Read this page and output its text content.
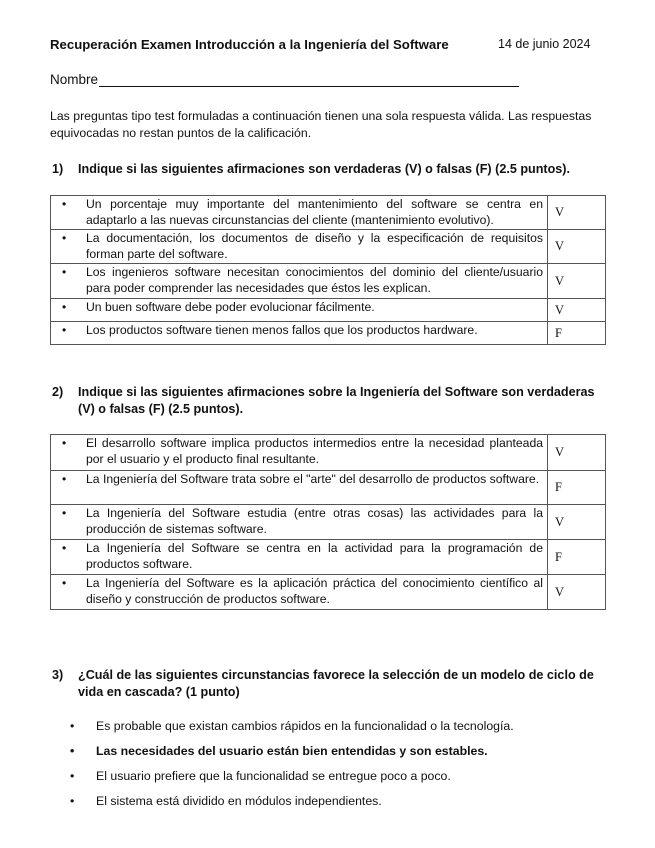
Recuperación Examen Introducción a la Ingeniería del Software	14 de junio 2024
Nombre
Las preguntas tipo test formuladas a continuación tienen una sola respuesta válida. Las respuestas equivocadas no restan puntos de la calificación.
1) Indique si las siguientes afirmaciones son verdaderas (V) o falsas (F) (2.5 puntos).
• Un porcentaje muy importante del mantenimiento del software se centra en adaptarlo a las nuevas circunstancias del cliente (mantenimiento evolutivo).	V

• La documentación, los documentos de diseño y la especificación de requisitos forman parte del software.	V

• Los ingenieros software necesitan conocimientos del dominio del cliente/usuario para poder comprender las necesidades que éstos les explican.	V

• Un buen software debe poder evolucionar fácilmente.	V

• Los productos software tienen menos fallos que los productos hardware.	F
2) Indique si las siguientes afirmaciones sobre la Ingeniería del Software son verdaderas (V) o falsas (F) (2.5 puntos).
• El desarrollo software implica productos intermedios entre la necesidad planteada por el usuario y el producto final resultante.	V

• La Ingeniería del Software trata sobre el "arte" del desarrollo de productos software.	F

• La Ingeniería del Software estudia (entre otras cosas) las actividades para la producción de sistemas software.	V

• La Ingeniería del Software se centra en la actividad para la programación de productos software.	F

• La Ingeniería del Software es la aplicación práctica del conocimiento científico al diseño y construcción de productos software.	V
3) ¿Cuál de las siguientes circunstancias favorece la selección de un modelo de ciclo de vida en cascada? (1 punto)
• Es probable que existan cambios rápidos en la funcionalidad o la tecnología.
• Las necesidades del usuario están bien entendidas y son estables.
• El usuario prefiere que la funcionalidad se entregue poco a poco.
• El sistema está dividido en módulos independientes.
